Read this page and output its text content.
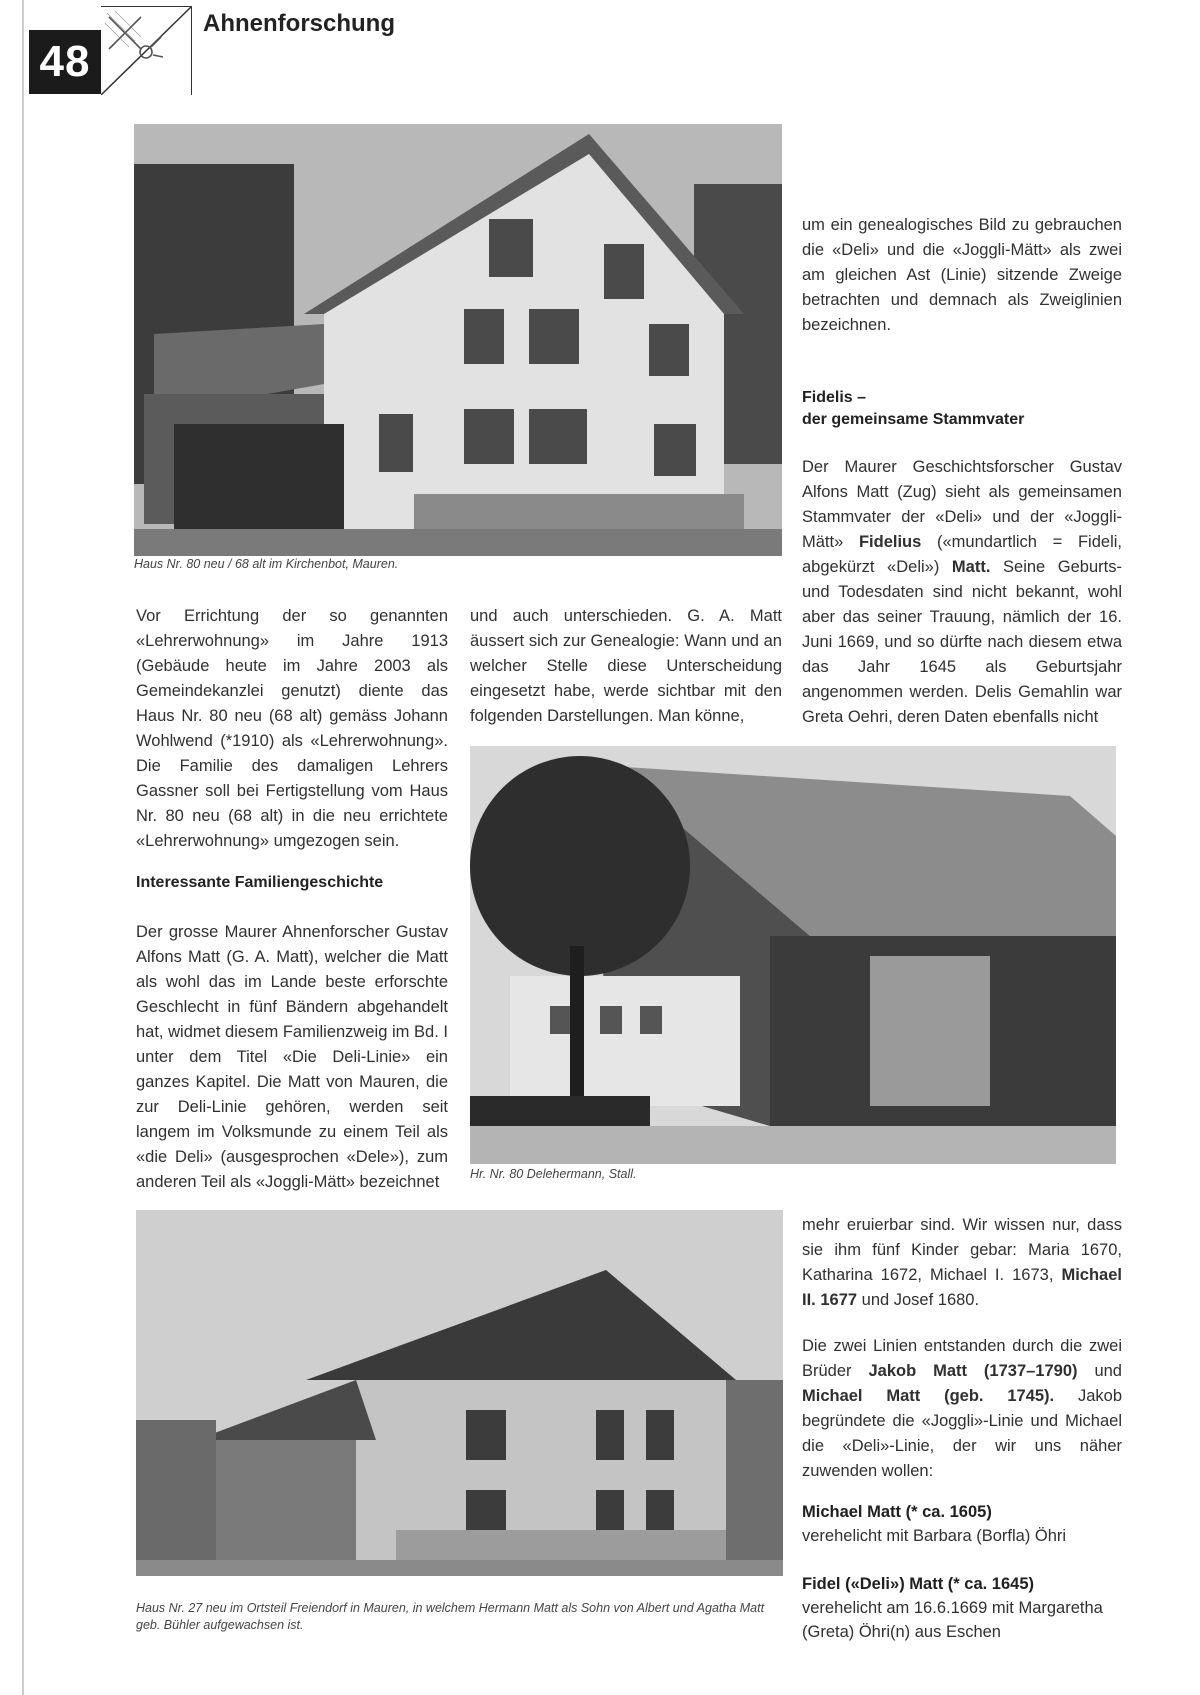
48
Ahnenforschung
Haus Nr. 80 neu / 68 alt im Kirchenbot, Mauren.

um ein genealogisches Bild zu gebrauchen die «Deli» und die «Joggli-Mätt» als zwei am gleichen Ast (Linie) sitzende Zweige betrachten und demnach als Zweiglinien bezeichnen.

Fidelis –
der gemeinsame Stammvater

Der Maurer Geschichtsforscher Gustav Alfons Matt (Zug) sieht als gemeinsamen Stammvater der «Deli» und der «Joggli-Mätt» Fidelius («mundartlich = Fideli, abgekürzt «Deli») Matt. Seine Geburts- und Todesdaten sind nicht bekannt, wohl aber das seiner Trauung, nämlich der 16. Juni 1669, und so dürfte nach diesem etwa das Jahr 1645 als Geburtsjahr angenommen werden. Delis Gemahlin war Greta Oehri, deren Daten ebenfalls nicht

Vor Errichtung der so genannten «Lehrerwohnung» im Jahre 1913 (Gebäude heute im Jahre 2003 als Gemeindekanzlei genutzt) diente das Haus Nr. 80 neu (68 alt) gemäss Johann Wohlwend (*1910) als «Lehrerwohnung». Die Familie des damaligen Lehrers Gassner soll bei Fertigstellung vom Haus Nr. 80 neu (68 alt) in die neu errichtete «Lehrerwohnung» umgezogen sein.

und auch unterschieden. G. A. Matt äussert sich zur Genealogie: Wann und an welcher Stelle diese Unterscheidung eingesetzt habe, werde sichtbar mit den folgenden Darstellungen. Man könne,

Hr. Nr. 80 Delehermann, Stall.
Interessante Familiengeschichte

Der grosse Maurer Ahnenforscher Gustav Alfons Matt (G. A. Matt), welcher die Matt als wohl das im Lande beste erforschte Geschlecht in fünf Bändern abgehandelt hat, widmet diesem Familienzweig im Bd. I unter dem Titel «Die Deli-Linie» ein ganzes Kapitel. Die Matt von Mauren, die zur Deli-Linie gehören, werden seit langem im Volksmunde zu einem Teil als «die Deli» (ausgesprochen «Dele»), zum anderen Teil als «Joggli-Mätt» bezeichnet

Haus Nr. 27 neu im Ortsteil Freiendorf in Mauren, in welchem Hermann Matt als Sohn von Albert und Agatha Matt geb. Bühler aufgewachsen ist.

mehr eruierbar sind. Wir wissen nur, dass sie ihm fünf Kinder gebar: Maria 1670, Katharina 1672, Michael I. 1673, Michael II. 1677 und Josef 1680.

Die zwei Linien entstanden durch die zwei Brüder Jakob Matt (1737–1790) und Michael Matt (geb. 1745). Jakob begründete die «Joggli»-Linie und Michael die «Deli»-Linie, der wir uns näher zuwenden wollen:

Michael Matt (* ca. 1605)
verehelicht mit Barbara (Borfla) Öhri
Fidel («Deli») Matt (* ca. 1645)
verehelicht am 16.6.1669 mit Margaretha (Greta) Öhri(n) aus Eschen
